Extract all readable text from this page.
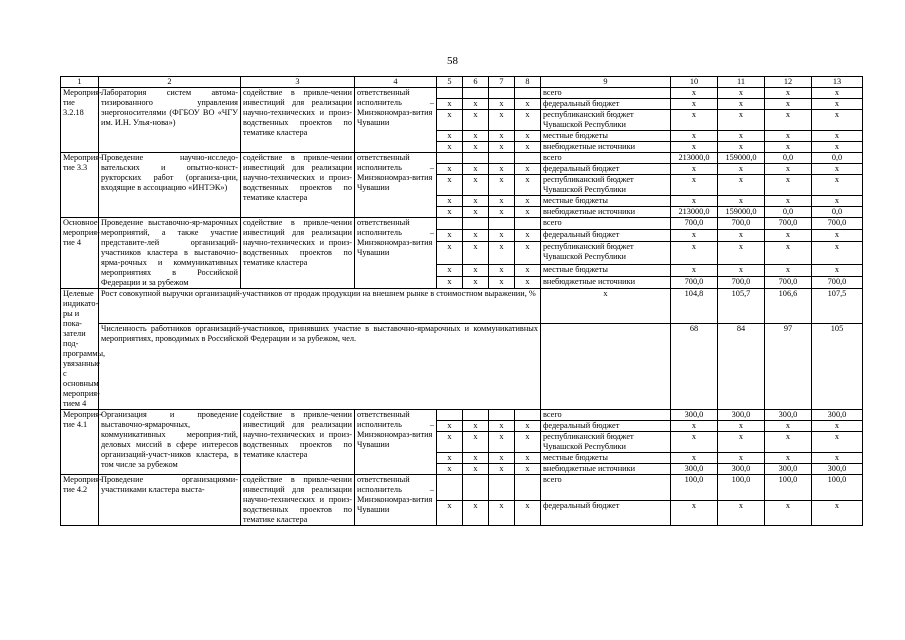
58
1	2	3	4	5	6	7	8	9	10	11	12	13
Мероприя-тие 3.2.18	Лаборатория систем автома-тизированного управления энергоносителями (ФГБОУ ВО «ЧГУ им. И.Н. Улья-нова»)	содействие в привле-чении инвестиций для реализации научно-технических и произ-водственных проектов по тематике кластера	ответственный исполнитель – Минэкономраз-вития Чувашии					всего	х	х	х	х
				х	х	х	х	федеральный бюджет	х	х	х	х
				х	х	х	х	республиканский бюджет Чувашской Республики	х	х	х	х
				х	х	х	х	местные бюджеты	х	х	х	х
				х	х	х	х	внебюджетные источники	х	х	х	х
Мероприя-тие 3.3	Проведение научно-исследо-вательских и опытно-конст-рукторских работ (организа-ции, входящие в ассоциацию «ИНТЭК»)	содействие в привле-чении инвестиций для реализации научно-технических и произ-водственных проектов по тематике кластера	ответственный исполнитель – Минэкономраз-вития Чувашии					всего	213000,0	159000,0	0,0	0,0
				х	х	х	х	федеральный бюджет	х	х	х	х
				х	х	х	х	республиканский бюджет Чувашской Республики	х	х	х	х
				х	х	х	х	местные бюджеты	х	х	х	х
				х	х	х	х	внебюджетные источники	213000,0	159000,0	0,0	0,0
Основное мероприя-тие 4	Проведение выставочно-яр-марочных мероприятий, а также участие представите-лей организаций-участников кластера в выставочно-ярма-рочных и коммуникативных мероприятиях в Российской Федерации и за рубежом	содействие в привле-чении инвестиций для реализации научно-технических и произ-водственных проектов по тематике кластера	ответственный исполнитель – Минэкономраз-вития Чувашии					всего	700,0	700,0	700,0	700,0
				х	х	х	х	федеральный бюджет	х	х	х	х
				х	х	х	х	республиканский бюджет Чувашской Республики	х	х	х	х
				х	х	х	х	местные бюджеты	х	х	х	х
				х	х	х	х	внебюджетные источники	700,0	700,0	700,0	700,0
Целевые индикато-ры и пока-затели под-программы, увязанные с основным мероприя-тием 4	Рост совокупной выручки организаций-участников от продаж продукции на внешнем рынке в стоимостном выражении, %							х	104,8	105,7	106,6	107,5
	Численность работников организаций-участников, принявших участие в выставочно-ярмарочных и коммуникативных мероприятиях, проводимых в Российской Федерации и за рубежом, чел.								68	84	97	105
Мероприя-тие 4.1	Организация и проведение выставочно-ярмарочных, коммуникативных мероприя-тий, деловых миссий в сфере интересов организаций-участ-ников кластера, в том числе за рубежом	содействие в привле-чении инвестиций для реализации научно-технических и произ-водственных проектов по тематике кластера	ответственный исполнитель – Минэкономраз-вития Чувашии					всего	300,0	300,0	300,0	300,0
				х	х	х	х	федеральный бюджет	х	х	х	х
				х	х	х	х	республиканский бюджет Чувашской Республики	х	х	х	х
				х	х	х	х	местные бюджеты	х	х	х	х
				х	х	х	х	внебюджетные источники	300,0	300,0	300,0	300,0
Мероприя-тие 4.2	Проведение организациями-участниками кластера выста-	содействие в привле-чении инвестиций для реализации научно-технических и произ-водственных проектов по тематике кластера	ответственный исполнитель – Минэкономраз-вития Чувашии					всего	100,0	100,0	100,0	100,0
				х	х	х	х	федеральный бюджет	х	х	х	х
